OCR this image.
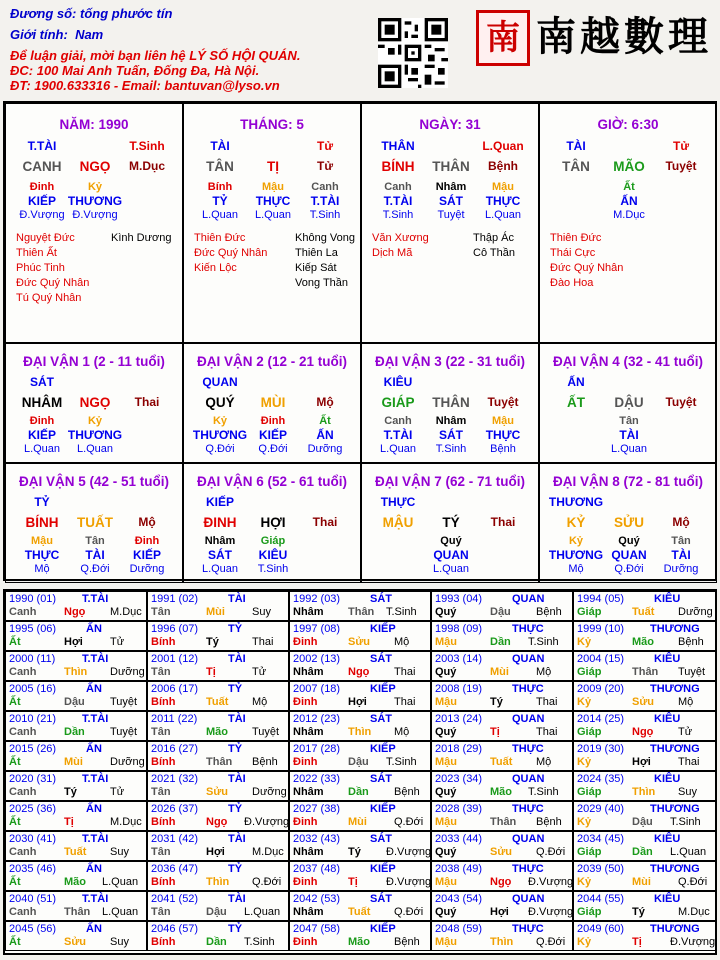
Đương số: tống phước tín
Giới tính: Nam
Để luận giải, mời bạn liên hệ LÝ SỐ HỘI QUÁN.
ĐC: 100 Mai Anh Tuấn, Đống Đa, Hà Nội.
ĐT: 1900.633316 - Email: bantuvan@lyso.vn
南 南越數理
NĂM: 1990
T.TÀI	T.Sinh
CANH NGỌ M.Dục
Đinh
KIẾP
Đ.Vượng
Kỷ
THƯƠNG
Đ.Vượng
Nguyệt Đức
Thiên Ất
Phúc Tinh
Đức Quý Nhân
Tú Quý Nhân
Kình Dương
THÁNG: 5
TÀI	Tử
TÂN TỊ	Tử
Bính
TỶ
L.Quan
Mậu
THỰC
L.Quan
Canh
T.TÀI
T.Sinh
Thiên Đức
Đức Quý Nhân
Kiến Lộc
Không Vong
Thiên La
Kiếp Sát
Vong Thần
NGÀY: 31
THÂN	L.Quan
BÍNH THÂN Bệnh
Canh
T.TÀI
T.Sinh
Nhâm
SÁT
Tuyệt
Mậu
THỰC
L.Quan
Văn Xương
Dịch Mã
Thập Ác
Cô Thần
GIỜ: 6:30
TÀI	Tử
TÂN MÃO Tuyệt
Ất
ẤN
M.Dục
Thiên Đức
Thái Cực
Đức Quý Nhân
Đào Hoa
ĐẠI VẬN 1 (2 - 11 tuổi)
SÁT
NHÂM NGỌ Thai
Đinh
KIẾP
L.Quan
Kỷ
THƯƠNG
L.Quan
ĐẠI VẬN 2 (12 - 21 tuổi)
QUAN
QUÝ MÙI	Mộ
Kỷ
THƯƠNG
Q.Đới
Đinh
KIẾP
Q.Đới
Ất
ẤN
Dưỡng
ĐẠI VẬN 3 (22 - 31 tuổi)
KIÊU
GIÁP THÂN Tuyệt
Canh
T.TÀI
L.Quan
Nhâm
SÁT
T.Sinh
Mậu
THỰC
Bệnh
ĐẠI VẬN 4 (32 - 41 tuổi)
ẤN
ẤT DẬU Tuyệt
Tân
TÀI
L.Quan
ĐẠI VẬN 5 (42 - 51 tuổi)
TỶ
BÍNH TUẤT Mộ
Mậu
THỰC
Mộ
Tân
TÀI
Q.Đới
Đinh
KIẾP
Dưỡng
ĐẠI VẬN 6 (52 - 61 tuổi)
KIẾP
ĐINH HỢI Thai
Nhâm
SÁT
L.Quan
Giáp
KIÊU
T.Sinh
ĐẠI VẬN 7 (62 - 71 tuổi)
THỰC
MẬU TÝ	Thai
Quý
QUAN
L.Quan
ĐẠI VẬN 8 (72 - 81 tuổi)
THƯƠNG
KỶ SỬU Mộ
Kỷ
THƯƠNG
Mộ
Quý
QUAN
Q.Đới
Tân
TÀI
Dưỡng
1990 (01) T.TÀI
Canh	Ngọ M.Dục
1991 (02)	TÀI
Tân	Mùi Suy
1992 (03)	SÁT
Nhâm Thân T.Sinh
1993 (04)	QUAN
Quý	Dậu Bệnh
1994 (05)	KIÊU
Giáp	Tuất Dưỡng
1995 (06)	ẤN
Ất	Hợi Tử
1996 (07)	TỶ
Bính	Tý	Thai
1997 (08)	KIẾP
Đinh	Sửu Mộ
1998 (09)	THỰC
Mậu	Dần T.Sinh
1999 (10) THƯƠNG
Kỷ	Mão Bệnh
2000 (11) T.TÀI
Canh	Thìn Dưỡng
2001 (12)	TÀI
Tân	Tị	Tử
2002 (13)	SÁT
Nhâm Ngọ Thai
2003 (14)	QUAN
Quý	Mùi Mộ
2004 (15)	KIÊU
Giáp	Thân Tuyệt
2005 (16)	ẤN
Ất	Dậu Tuyệt
2006 (17)	TỶ
Bính	Tuất Mộ
2007 (18)	KIẾP
Đinh	Hợi Thai
2008 (19)	THỰC
Mậu	Tý	Thai
2009 (20) THƯƠNG
Kỷ	Sửu Mộ
2010 (21) T.TÀI
Canh	Dần Tuyệt
2011 (22)	TÀI
Tân	Mão Tuyệt
2012 (23)	SÁT
Nhâm Thìn Mộ
2013 (24)	QUAN
Quý	Tị	Thai
2014 (25)	KIÊU
Giáp	Ngọ Tử
2015 (26)	ẤN
Ất	Mùi Dưỡng
2016 (27)	TỶ
Bính	Thân Bệnh
2017 (28)	KIẾP
Đinh	Dậu T.Sinh
2018 (29)	THỰC
Mậu	Tuất Mộ
2019 (30) THƯƠNG
Kỷ	Hợi Thai
2020 (31) T.TÀI
Canh	Tý	Tử
2021 (32)	TÀI
Tân	Sửu Dưỡng
2022 (33)	SÁT
Nhâm Dần Bệnh
2023 (34)	QUAN
Quý	Mão T.Sinh
2024 (35)	KIÊU
Giáp	Thìn Suy
2025 (36)	ẤN
Ất	Tị	M.Dục
2026 (37)	TỶ
Bính	Ngọ Đ.Vượng
2027 (38)	KIẾP
Đinh	Mùi Q.Đới
2028 (39)	THỰC
Mậu	Thân Bệnh
2029 (40) THƯƠNG
Kỷ	Dậu T.Sinh
2030 (41) T.TÀI
Canh	Tuất Suy
2031 (42)	TÀI
Tân	Hợi M.Dục
2032 (43)	SÁT
Nhâm Tý Đ.Vượng
2033 (44)	QUAN
Quý	Sửu Q.Đới
2034 (45)	KIÊU
Giáp	Dần L.Quan
2035 (46)	ẤN
Ất	Mão L.Quan
2036 (47)	TỶ
Bính	Thìn Q.Đới
2037 (48)	KIẾP
Đinh	Tị	Đ.Vượng
2038 (49)	THỰC
Mậu	Ngọ Đ.Vượng
2039 (50) THƯƠNG
Kỷ	Mùi Q.Đới
2040 (51) T.TÀI
Canh	Thân L.Quan
2041 (52)	TÀI
Tân	Dậu L.Quan
2042 (53)	SÁT
Nhâm Tuất Q.Đới
2043 (54)	QUAN
Quý	Hợi Đ.Vượng
2044 (55)	KIÊU
Giáp	Tý	M.Dục
2045 (56)	ẤN
Ất	Sửu Suy
2046 (57)	TỶ
Bính	Dần T.Sinh
2047 (58)	KIẾP
Đinh	Mão Bệnh
2048 (59)	THỰC
Mậu	Thìn Q.Đới
2049 (60) THƯƠNG
Kỷ	Tị	Đ.Vượng
